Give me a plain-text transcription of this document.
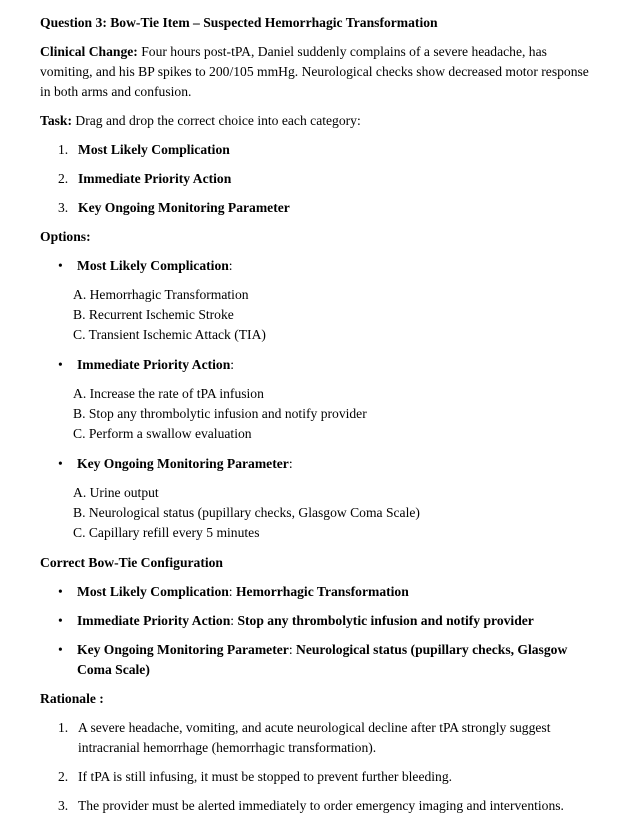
Question 3: Bow-Tie Item – Suspected Hemorrhagic Transformation

Clinical Change: Four hours post-tPA, Daniel suddenly complains of a severe headache, has vomiting, and his BP spikes to 200/105 mmHg. Neurological checks show decreased motor response in both arms and confusion.

Task: Drag and drop the correct choice into each category:

1. Most Likely Complication
2. Immediate Priority Action
3. Key Ongoing Monitoring Parameter
Options:
•	Most Likely Complication:
A. Hemorrhagic Transformation
B. Recurrent Ischemic Stroke
C. Transient Ischemic Attack (TIA)
•	Immediate Priority Action:
A. Increase the rate of tPA infusion
B. Stop any thrombolytic infusion and notify provider
C. Perform a swallow evaluation
•	Key Ongoing Monitoring Parameter:
A. Urine output
B. Neurological status (pupillary checks, Glasgow Coma Scale)
C. Capillary refill every 5 minutes
Correct Bow-Tie Configuration
•	Most Likely Complication: Hemorrhagic Transformation
•	Immediate Priority Action: Stop any thrombolytic infusion and notify provider
•	Key Ongoing Monitoring Parameter: Neurological status (pupillary checks, Glasgow Coma Scale)
Rationale :
1. A severe headache, vomiting, and acute neurological decline after tPA strongly suggest intracranial hemorrhage (hemorrhagic transformation).
2. If tPA is still infusing, it must be stopped to prevent further bleeding.
3. The provider must be alerted immediately to order emergency imaging and interventions.
